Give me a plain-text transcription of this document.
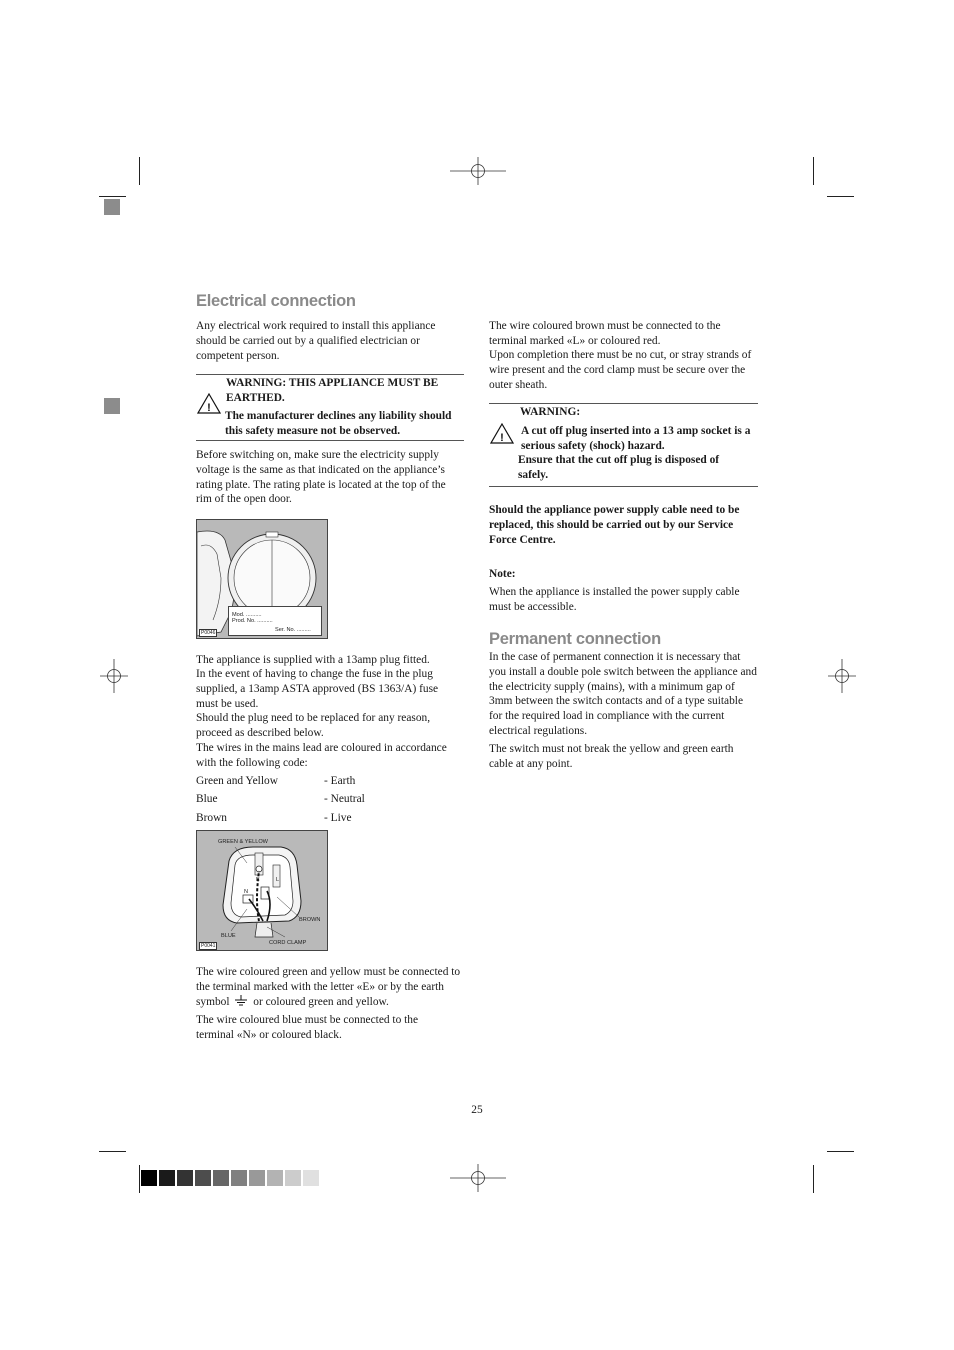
Electrical connection

Any electrical work required to install this appliance should be carried out by a qualified electrician or competent person.

!

WARNING: THIS APPLIANCE MUST BE EARTHED.

The manufacturer declines any liability should this safety measure not be observed.

Before switching on, make sure the electricity supply voltage is the same as that indicated on the appliance’s rating plate. The rating plate is located at the top of the rim of the open door.

Mod. ..........
Prod. No. ..........
Ser. No. .........
P0046

The appliance is supplied with a 13amp plug fitted.

In the event of having to change the fuse in the plug supplied, a 13amp ASTA approved (BS 1363/A) fuse must be used.

Should the plug need to be replaced for any reason, proceed as described below.

The wires in the mains lead are coloured in accordance with the following code:

Green and Yellow	- Earth
Blue	- Neutral
Brown	- Live
GREEN & YELLOW
E
N
L
BROWN
BLUE
CORD CLAMP
P0041

The wire coloured green and yellow must be connected to the terminal marked with the letter «E» or by the earth symbol or coloured green and yellow.

The wire coloured blue must be connected to the terminal «N» or coloured black.

The wire coloured brown must be connected to the terminal marked «L» or coloured red.

Upon completion there must be no cut, or stray strands of wire present and the cord clamp must be secure over the outer sheath.

WARNING:

!

A cut off plug inserted into a 13 amp socket is a serious safety (shock) hazard.

Ensure that the cut off plug is disposed of safely.

Should the appliance power supply cable need to be replaced, this should be carried out by our Service Force Centre.

Note:

When the appliance is installed the power supply cable must be accessible.

Permanent connection

In the case of permanent connection it is necessary that you install a double pole switch between the appliance and the electricity supply (mains), with a minimum gap of 3mm between the switch contacts and of a type suitable for the required load in compliance with the current electrical regulations.

The switch must not break the yellow and green earth cable at any point.

25
